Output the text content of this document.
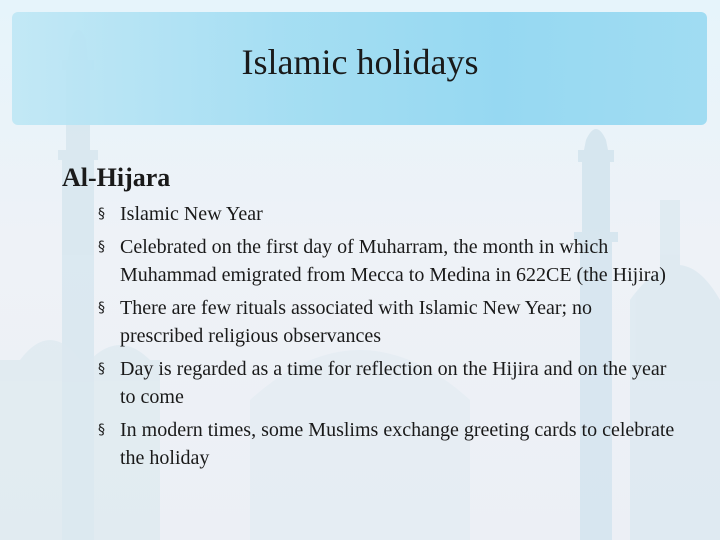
Islamic holidays
Al-Hijara
§ Islamic New Year
§ Celebrated on the first day of Muharram, the month in which Muhammad emigrated from Mecca to Medina in 622CE (the Hijira)
§ There are few rituals associated with Islamic New Year; no prescribed religious observances
§ Day is regarded as a time for reflection on the Hijira and on the year to come
§ In modern times, some Muslims exchange greeting cards to celebrate the holiday
